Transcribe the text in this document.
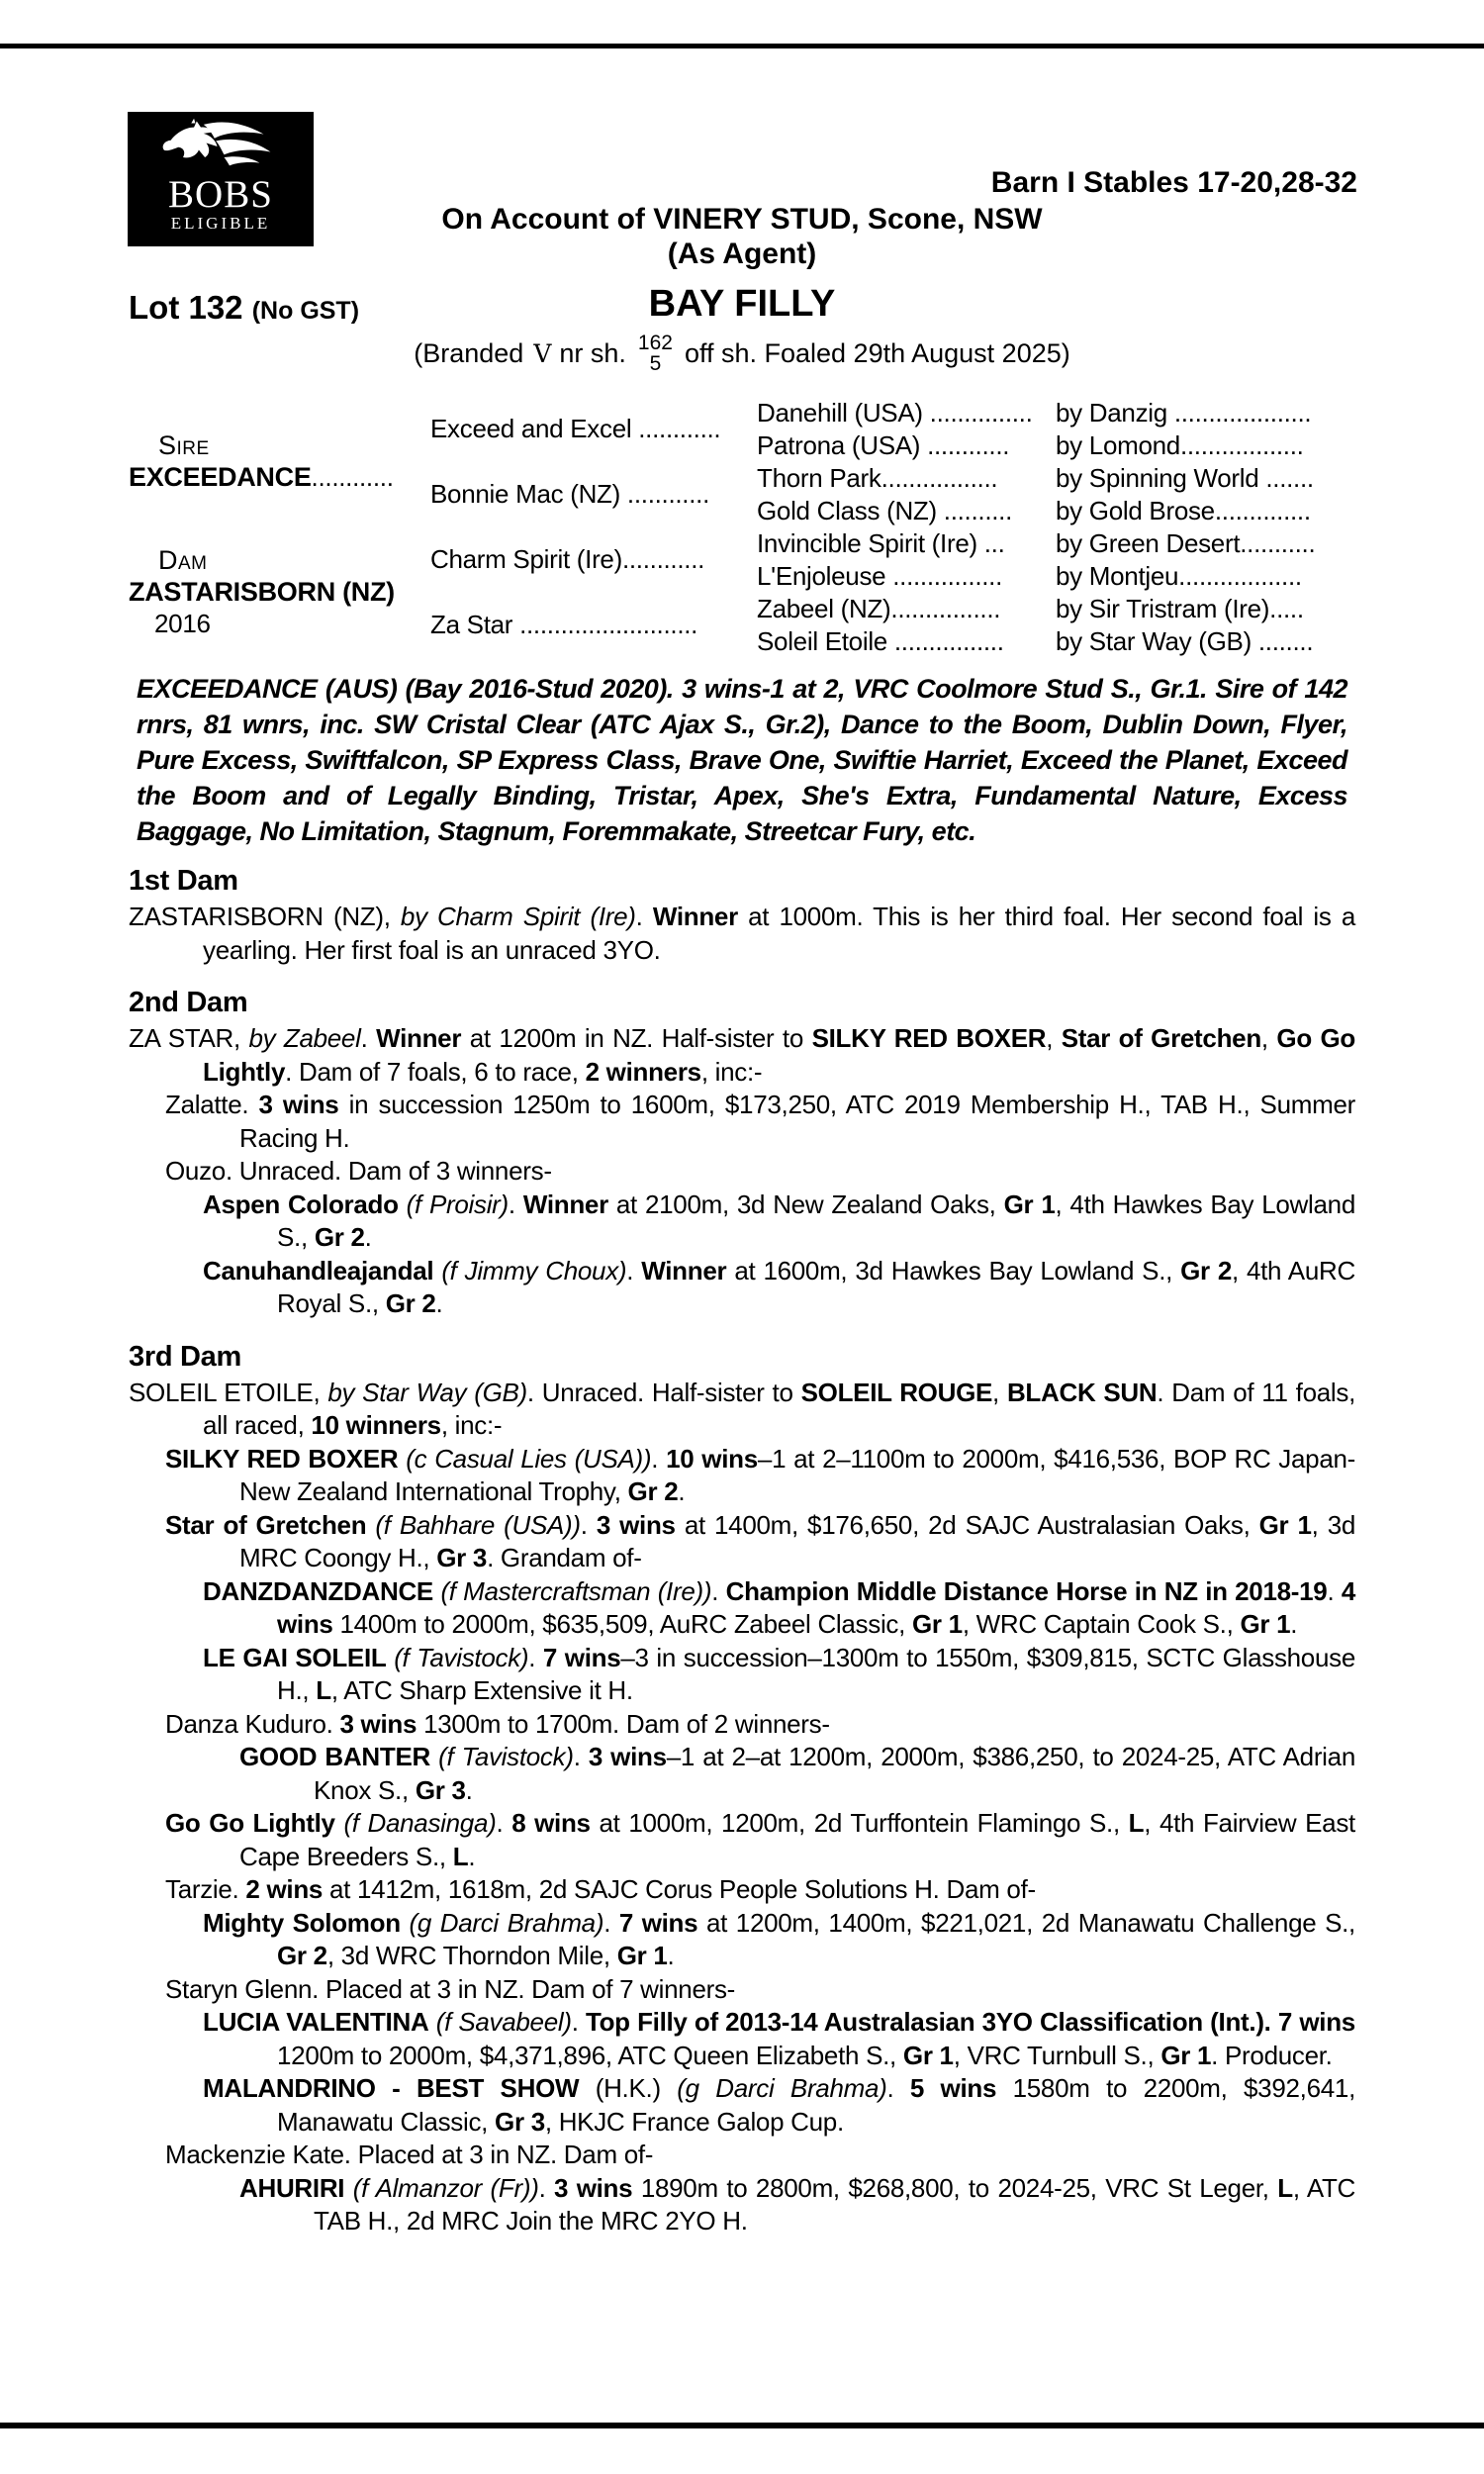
BOBS
ELIGIBLE
Barn I Stables 17-20,28-32
On Account of VINERY STUD, Scone, NSW
(As Agent)
Lot 132 (No GST)	BAY FILLY
(Branded V nr sh. 162
5 off sh. Foaled 29th August 2025)
Sire
EXCEEDANCE............
Dam
ZASTARISBORN (NZ)
2016
Exceed and Excel ............
Bonnie Mac (NZ) ............
Charm Spirit (Ire)............
Za Star ..........................
Danehill (USA) ...............
Patrona (USA) ............
Thorn Park.................
Gold Class (NZ) ..........
Invincible Spirit (Ire) ...
L'Enjoleuse ................
Zabeel (NZ)................
Soleil Etoile ................
by Danzig ....................
by Lomond..................
by Spinning World .......
by Gold Brose..............
by Green Desert...........
by Montjeu..................
by Sir Tristram (Ire).....
by Star Way (GB) ........
EXCEEDANCE (AUS) (Bay 2016-Stud 2020). 3 wins-1 at 2, VRC Coolmore Stud S., Gr.1. Sire of 142 rnrs, 81 wnrs, inc. SW Cristal Clear (ATC Ajax S., Gr.2), Dance to the Boom, Dublin Down, Flyer, Pure Excess, Swiftfalcon, SP Express Class, Brave One, Swiftie Harriet, Exceed the Planet, Exceed the Boom and of Legally Binding, Tristar, Apex, She's Extra, Fundamental Nature, Excess Baggage, No Limitation, Stagnum, Foremmakate, Streetcar Fury, etc.
1st Dam
ZASTARISBORN (NZ), by Charm Spirit (Ire). Winner at 1000m. This is her third foal. Her second foal is a yearling. Her first foal is an unraced 3YO.
2nd Dam
ZA STAR, by Zabeel. Winner at 1200m in NZ. Half-sister to SILKY RED BOXER, Star of Gretchen, Go Go Lightly. Dam of 7 foals, 6 to race, 2 winners, inc:-
Zalatte. 3 wins in succession 1250m to 1600m, $173,250, ATC 2019 Membership H., TAB H., Summer Racing H.
Ouzo. Unraced. Dam of 3 winners-
Aspen Colorado (f Proisir). Winner at 2100m, 3d New Zealand Oaks, Gr 1, 4th Hawkes Bay Lowland S., Gr 2.
Canuhandleajandal (f Jimmy Choux). Winner at 1600m, 3d Hawkes Bay Lowland S., Gr 2, 4th AuRC Royal S., Gr 2.
3rd Dam
SOLEIL ETOILE, by Star Way (GB). Unraced. Half-sister to SOLEIL ROUGE, BLACK SUN. Dam of 11 foals, all raced, 10 winners, inc:-
SILKY RED BOXER (c Casual Lies (USA)). 10 wins–1 at 2–1100m to 2000m, $416,536, BOP RC Japan-New Zealand International Trophy, Gr 2.
Star of Gretchen (f Bahhare (USA)). 3 wins at 1400m, $176,650, 2d SAJC Australasian Oaks, Gr 1, 3d MRC Coongy H., Gr 3. Grandam of-
DANZDANZDANCE (f Mastercraftsman (Ire)). Champion Middle Distance Horse in NZ in 2018-19. 4 wins 1400m to 2000m, $635,509, AuRC Zabeel Classic, Gr 1, WRC Captain Cook S., Gr 1.
LE GAI SOLEIL (f Tavistock). 7 wins–3 in succession–1300m to 1550m, $309,815, SCTC Glasshouse H., L, ATC Sharp Extensive it H.
Danza Kuduro. 3 wins 1300m to 1700m. Dam of 2 winners-
GOOD BANTER (f Tavistock). 3 wins–1 at 2–at 1200m, 2000m, $386,250, to 2024-25, ATC Adrian Knox S., Gr 3.
Go Go Lightly (f Danasinga). 8 wins at 1000m, 1200m, 2d Turffontein Flamingo S., L, 4th Fairview East Cape Breeders S., L.
Tarzie. 2 wins at 1412m, 1618m, 2d SAJC Corus People Solutions H. Dam of-
Mighty Solomon (g Darci Brahma). 7 wins at 1200m, 1400m, $221,021, 2d Manawatu Challenge S., Gr 2, 3d WRC Thorndon Mile, Gr 1.
Staryn Glenn. Placed at 3 in NZ. Dam of 7 winners-
LUCIA VALENTINA (f Savabeel). Top Filly of 2013-14 Australasian 3YO Classification (Int.). 7 wins 1200m to 2000m, $4,371,896, ATC Queen Elizabeth S., Gr 1, VRC Turnbull S., Gr 1. Producer.
MALANDRINO - BEST SHOW (H.K.) (g Darci Brahma). 5 wins 1580m to 2200m, $392,641, Manawatu Classic, Gr 3, HKJC France Galop Cup.
Mackenzie Kate. Placed at 3 in NZ. Dam of-
AHURIRI (f Almanzor (Fr)). 3 wins 1890m to 2800m, $268,800, to 2024-25, VRC St Leger, L, ATC TAB H., 2d MRC Join the MRC 2YO H.
